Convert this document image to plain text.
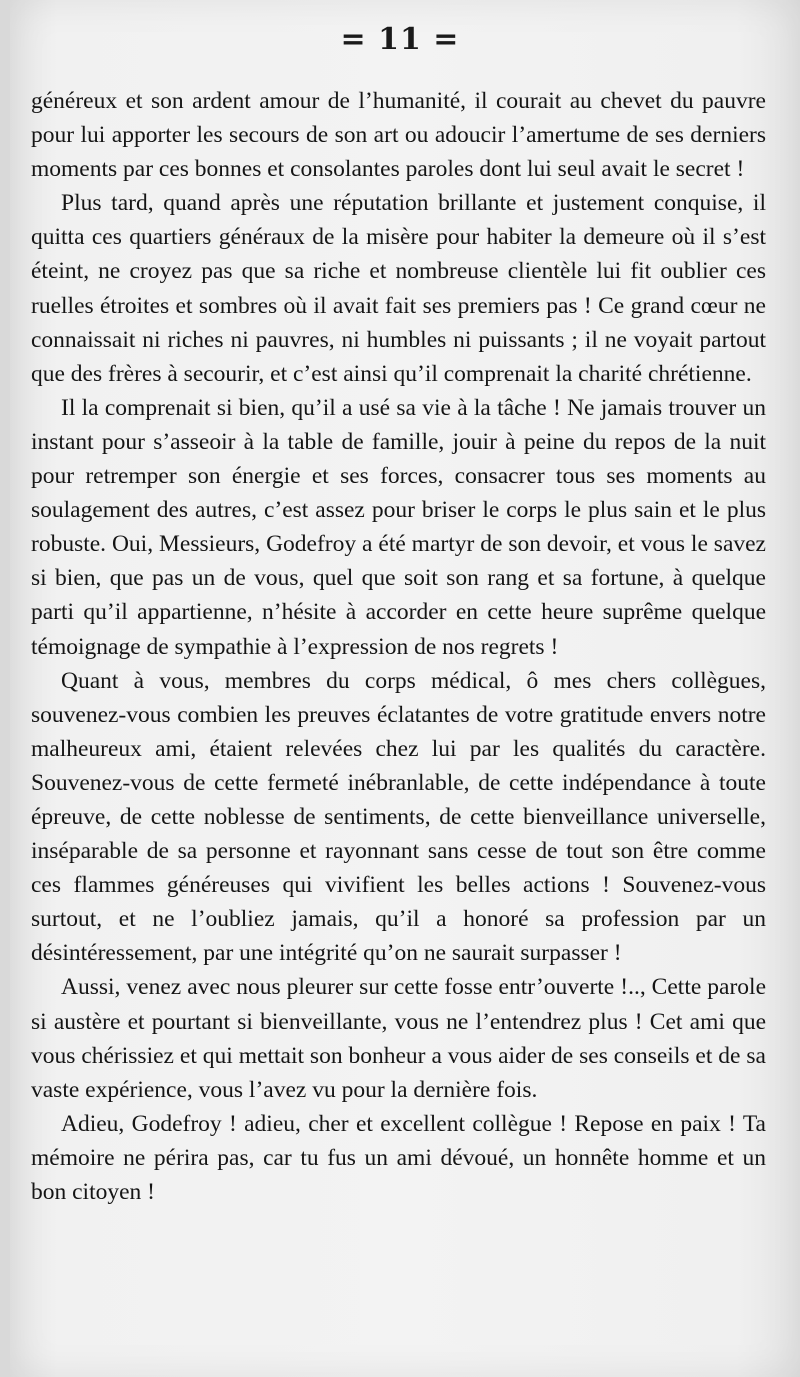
= 11 =

généreux et son ardent amour de l’humanité, il courait au chevet du pauvre pour lui apporter les secours de son art ou adoucir l’amertume de ses derniers moments par ces bonnes et consolantes paroles dont lui seul avait le secret !

Plus tard, quand après une réputation brillante et justement conquise, il quitta ces quartiers généraux de la misère pour habiter la demeure où il s’est éteint, ne croyez pas que sa riche et nombreuse clientèle lui fit oublier ces ruelles étroites et sombres où il avait fait ses premiers pas ! Ce grand cœur ne connaissait ni riches ni pauvres, ni humbles ni puissants ; il ne voyait partout que des frères à secourir, et c’est ainsi qu’il comprenait la charité chrétienne.

Il la comprenait si bien, qu’il a usé sa vie à la tâche ! Ne jamais trouver un instant pour s’asseoir à la table de famille, jouir à peine du repos de la nuit pour retremper son énergie et ses forces, consacrer tous ses moments au soulagement des autres, c’est assez pour briser le corps le plus sain et le plus robuste. Oui, Messieurs, Godefroy a été martyr de son devoir, et vous le savez si bien, que pas un de vous, quel que soit son rang et sa fortune, à quelque parti qu’il appartienne, n’hésite à accorder en cette heure suprême quelque témoignage de sympathie à l’expression de nos regrets !

Quant à vous, membres du corps médical, ô mes chers collègues, souvenez-vous combien les preuves éclatantes de votre gratitude envers notre malheureux ami, étaient relevées chez lui par les qualités du caractère. Souvenez-vous de cette fermeté inébranlable, de cette indépendance à toute épreuve, de cette noblesse de sentiments, de cette bienveillance universelle, inséparable de sa personne et rayonnant sans cesse de tout son être comme ces flammes généreuses qui vivifient les belles actions ! Souvenez-vous surtout, et ne l’oubliez jamais, qu’il a honoré sa profession par un désintéressement, par une intégrité qu’on ne saurait surpasser !

Aussi, venez avec nous pleurer sur cette fosse entr’ouverte !.., Cette parole si austère et pourtant si bienveillante, vous ne l’entendrez plus ! Cet ami que vous chérissiez et qui mettait son bonheur a vous aider de ses conseils et de sa vaste expérience, vous l’avez vu pour la dernière fois.

Adieu, Godefroy ! adieu, cher et excellent collègue ! Repose en paix ! Ta mémoire ne périra pas, car tu fus un ami dévoué, un honnête homme et un bon citoyen !
